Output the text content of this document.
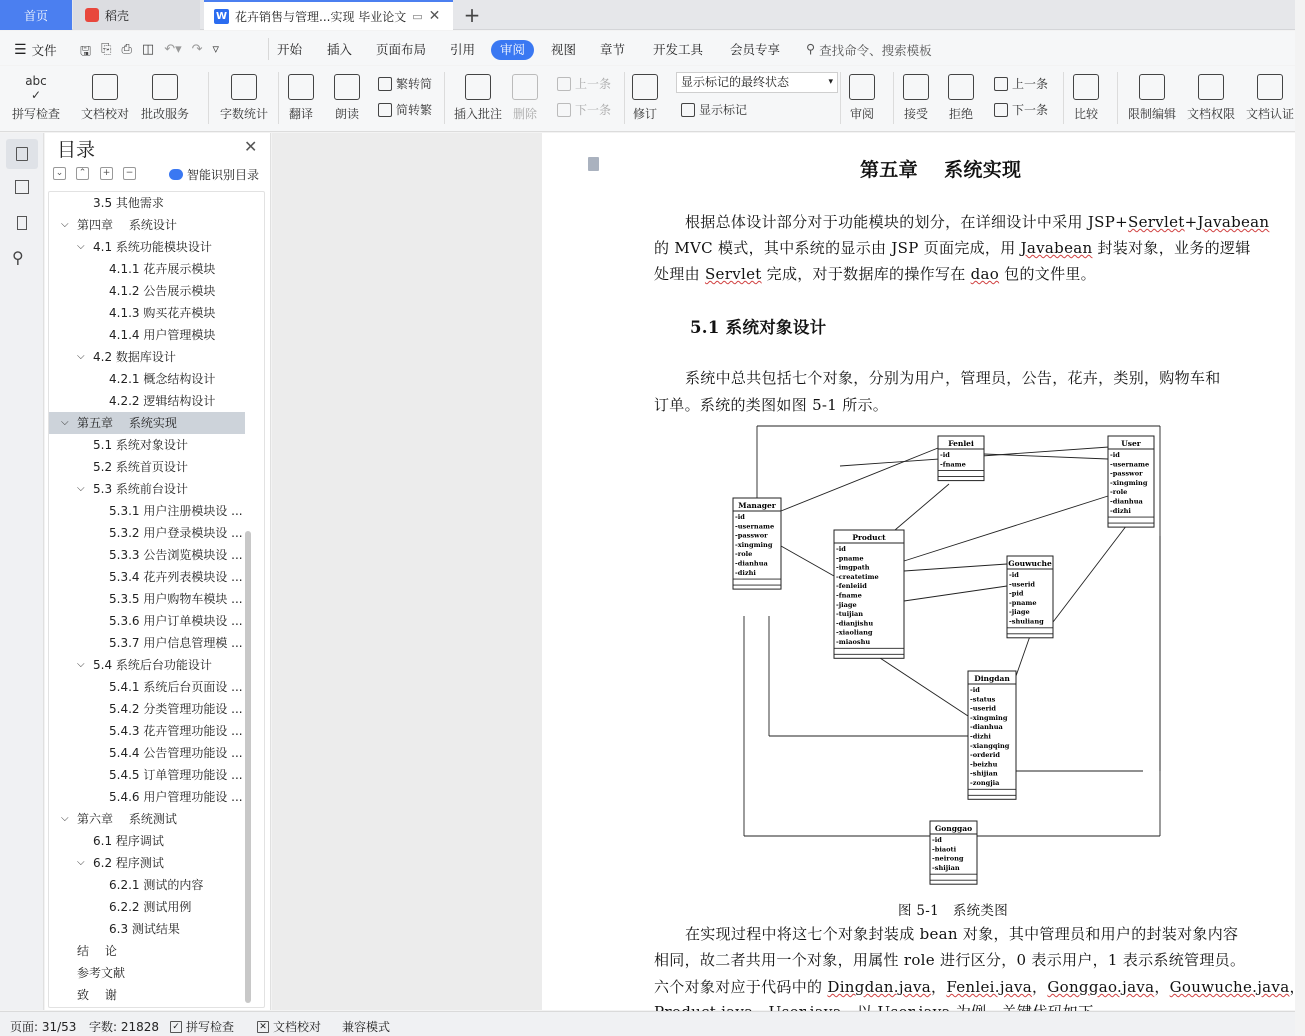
首页	稻壳	W 花卉销售与管理...实现 毕业论文 ▭ ✕ +
☰ 文件 🖫 ⎘ ⎙ ◫ ↶▾ ↷ ▿	开始 插入 页面布局 引用	审阅	视图 章节 开发工具 会员专享 ⚲ 查找命令、搜索模板
abc
✓
拼写检查 文档校对 批改服务	字数统计 翻译 朗读
繁转简
简转繁 插入批注 删除
上一条
下一条 修订
显示标记的最终状态	▾
显示标记	审阅 接受 拒绝
上一条
下一条 比较	限制编辑 文档权限 文档认证
⚲
目录	✕
⌄	⌃	+	−	智能识别目录
3.5 其他需求
⌵ 第四章　 系统设计
⌵ 4.1 系统功能模块设计
4.1.1 花卉展示模块
4.1.2 公告展示模块
4.1.3 购买花卉模块
4.1.4 用户管理模块
⌵ 4.2 数据库设计
4.2.1 概念结构设计
4.2.2 逻辑结构设计
⌵ 第五章　 系统实现
5.1 系统对象设计
5.2 系统首页设计
⌵ 5.3 系统前台设计
5.3.1 用户注册模块设 ...
5.3.2 用户登录模块设 ...
5.3.3 公告浏览模块设 ...
5.3.4 花卉列表模块设 ...
5.3.5 用户购物车模块 ...
5.3.6 用户订单模块设 ...
5.3.7 用户信息管理模 ...
⌵ 5.4 系统后台功能设计
5.4.1 系统后台页面设 ...
5.4.2 分类管理功能设 ...
5.4.3 花卉管理功能设 ...
5.4.4 公告管理功能设 ...
5.4.5 订单管理功能设 ...
5.4.6 用户管理功能设 ...
⌵ 第六章　 系统测试
6.1 程序调试
⌵ 6.2 程序测试
6.2.1 测试的内容
6.2.2 测试用例
6.3 测试结果
结　 论
参考文献
致　 谢
第五章　 系统实现
根据总体设计部分对于功能模块的划分，在详细设计中采用 JSP+Servlet+Javabean
的 MVC 模式，其中系统的显示由 JSP 页面完成，用 Javabean 封装对象，业务的逻辑
处理由 Servlet 完成，对于数据库的操作写在 dao 包的文件里。
5.1 系统对象设计
系统中总共包括七个对象，分别为用户，管理员，公告，花卉，类别，购物车和
订单。系统的类图如图 5-1 所示。
Fenlei
-id
-fname
User
-id
-username
-passwor
-xingming
-role
-dianhua
-dizhi
Manager
-id
-username
-passwor
-xingming
-role
-dianhua
-dizhi
Product
-id
-pname
-imgpath
-createtime
-fenleiid
-fname
-jiage
-tuijian
-dianjishu
-xiaoliang
-miaoshu
Gouwuche
-id
-userid
-pid
-pname
-jiage
-shuliang
Dingdan
-id
-status
-userid
-xingming
-dianhua
-dizhi
-xiangqing
-orderid
-beizhu
-shijian
-zongjia
Gonggao
-id
-biaoti
-neirong
-shijian
图 5-1　系统类图
在实现过程中将这七个对象封装成 bean 对象，其中管理员和用户的封装对象内容
相同，故二者共用一个对象，用属性 role 进行区分，0 表示用户，1 表示系统管理员。
六个对象对应于代码中的 Dingdan.java，Fenlei.java，Gonggao.java，Gouwuche.java，
页面: 31/53 字数: 21828 ✓ 拼写检查	✕ 文档校对 兼容模式
